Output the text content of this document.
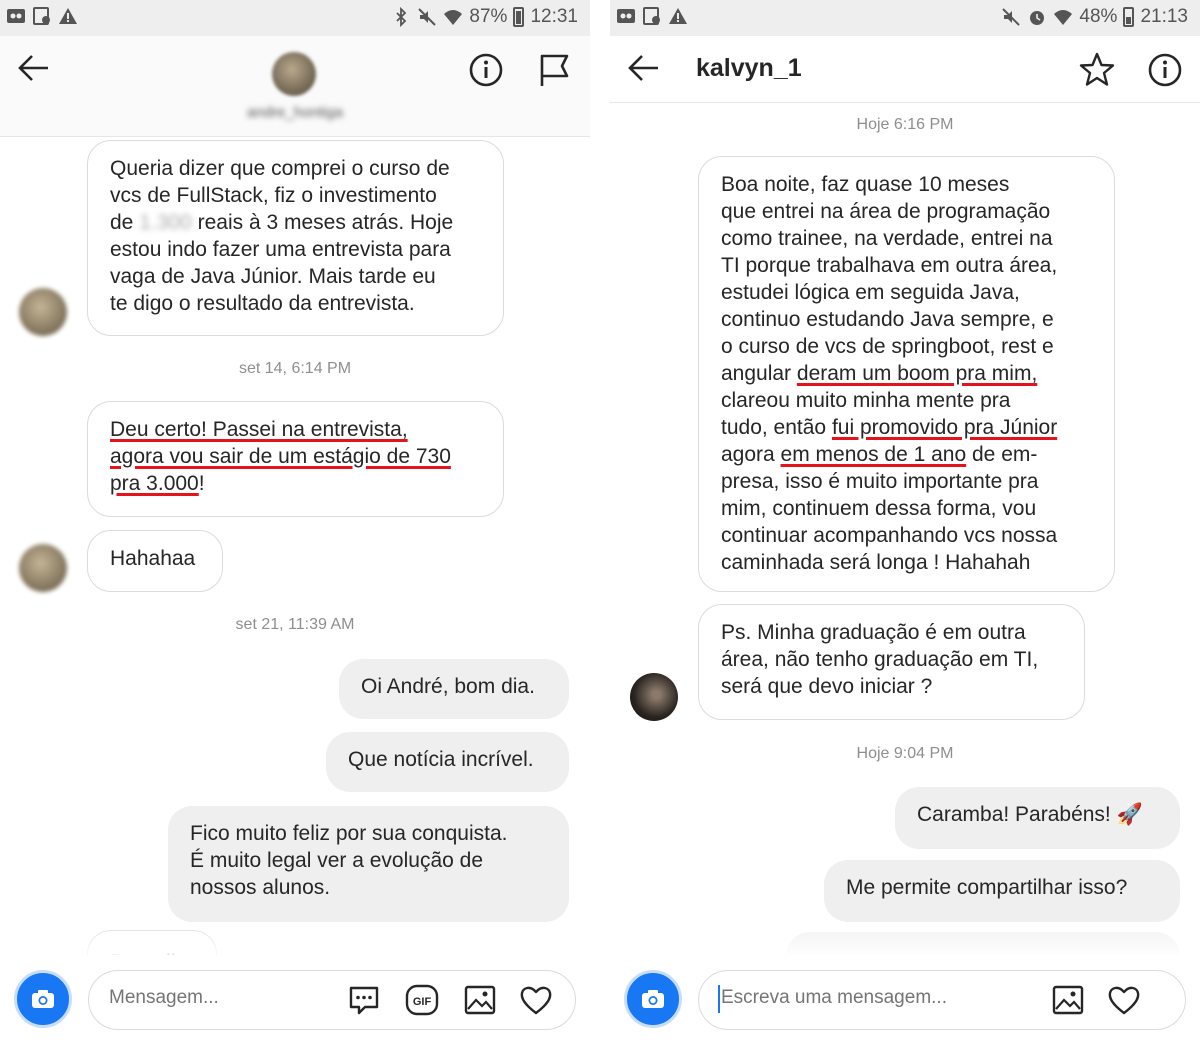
87% 12:31
andre_hontiga
Queria dizer que comprei o curso de
vcs de FullStack, fiz o investimento
de 1.300 reais à 3 meses atrás. Hoje
estou indo fazer uma entrevista para
vaga de Java Júnior. Mais tarde eu
te digo o resultado da entrevista.
set 14, 6:14 PM
Deu certo! Passei na entrevista,
agora vou sair de um estágio de 730
pra 3.000!
Hahahaa
set 21, 11:39 AM
Oi André, bom dia.
Que notícia incrível.
Fico muito feliz por sua conquista.
É muito legal ver a evolução de
nossos alunos.
Mensagem...
GIF
48% 21:13
kalvyn_1
Hoje 6:16 PM
Boa noite, faz quase 10 meses
que entrei na área de programação
como trainee, na verdade, entrei na
TI porque trabalhava em outra área,
estudei lógica em seguida Java,
continuo estudando Java sempre, e
o curso de vcs de springboot, rest e
angular deram um boom pra mim,
clareou muito minha mente pra
tudo, então fui promovido pra Júnior
agora em menos de 1 ano de em-
presa, isso é muito importante pra
mim, continuem dessa forma, vou
continuar acompanhando vcs nossa
caminhada será longa ! Hahahah
Ps. Minha graduação é em outra
área, não tenho graduação em TI,
será que devo iniciar ?
Hoje 9:04 PM
Caramba! Parabéns! 🚀
Me permite compartilhar isso?
Escreva uma mensagem...
